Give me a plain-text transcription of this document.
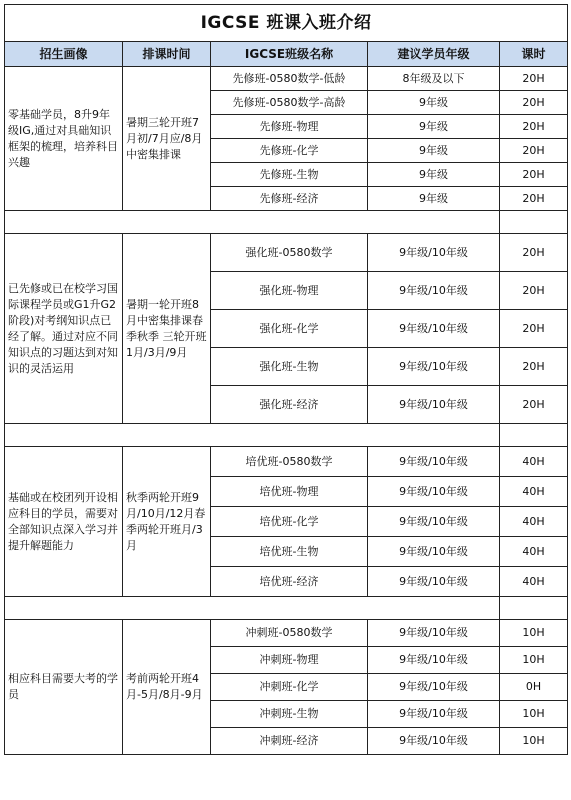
IGCSE 班课入班介绍				
招生画像	排课时间	IGCSE班级名称	建议学员年级	课时
零基础学员，8升9年级IG,通过对具础知识框架的梳理，培养科目兴趣	暑期三轮开班7月初/7月应/8月中密集排课	先修班-0580数学-低龄	8年级及以下	20H
		先修班-0580数学-高龄	9年级	20H
		先修班-物理	9年级	20H
		先修班-化学	9年级	20H
		先修班-生物	9年级	20H
		先修班-经济	9年级	20H

已先修或已在校学习国际课程学员或G1升G2阶段)对考纲知识点已经了解。通过对应不同知识点的习题达到对知识的灵活运用	暑期一轮开班8月中密集排课春季秋季 三轮开班1月/3月/9月	强化班-0580数学	9年级/10年级	20H
		强化班-物理	9年级/10年级	20H
		强化班-化学	9年级/10年级	20H
		强化班-生物	9年级/10年级	20H
		强化班-经济	9年级/10年级	20H

基础或在校团列开设相应科目的学员，需要对全部知识点深入学习并提升解题能力	秋季两轮开班9月/10月/12月春季两轮开班月/3月	培优班-0580数学	9年级/10年级	40H
		培优班-物理	9年级/10年级	40H
		培优班-化学	9年级/10年级	40H
		培优班-生物	9年级/10年级	40H
		培优班-经济	9年级/10年级	40H

相应科目需要大考的学员	考前两轮开班4月-5月/8月-9月	冲刺班-0580数学	9年级/10年级	10H
		冲刺班-物理	9年级/10年级	10H
		冲刺班-化学	9年级/10年级	0H
		冲刺班-生物	9年级/10年级	10H
		冲刺班-经济	9年级/10年级	10H
